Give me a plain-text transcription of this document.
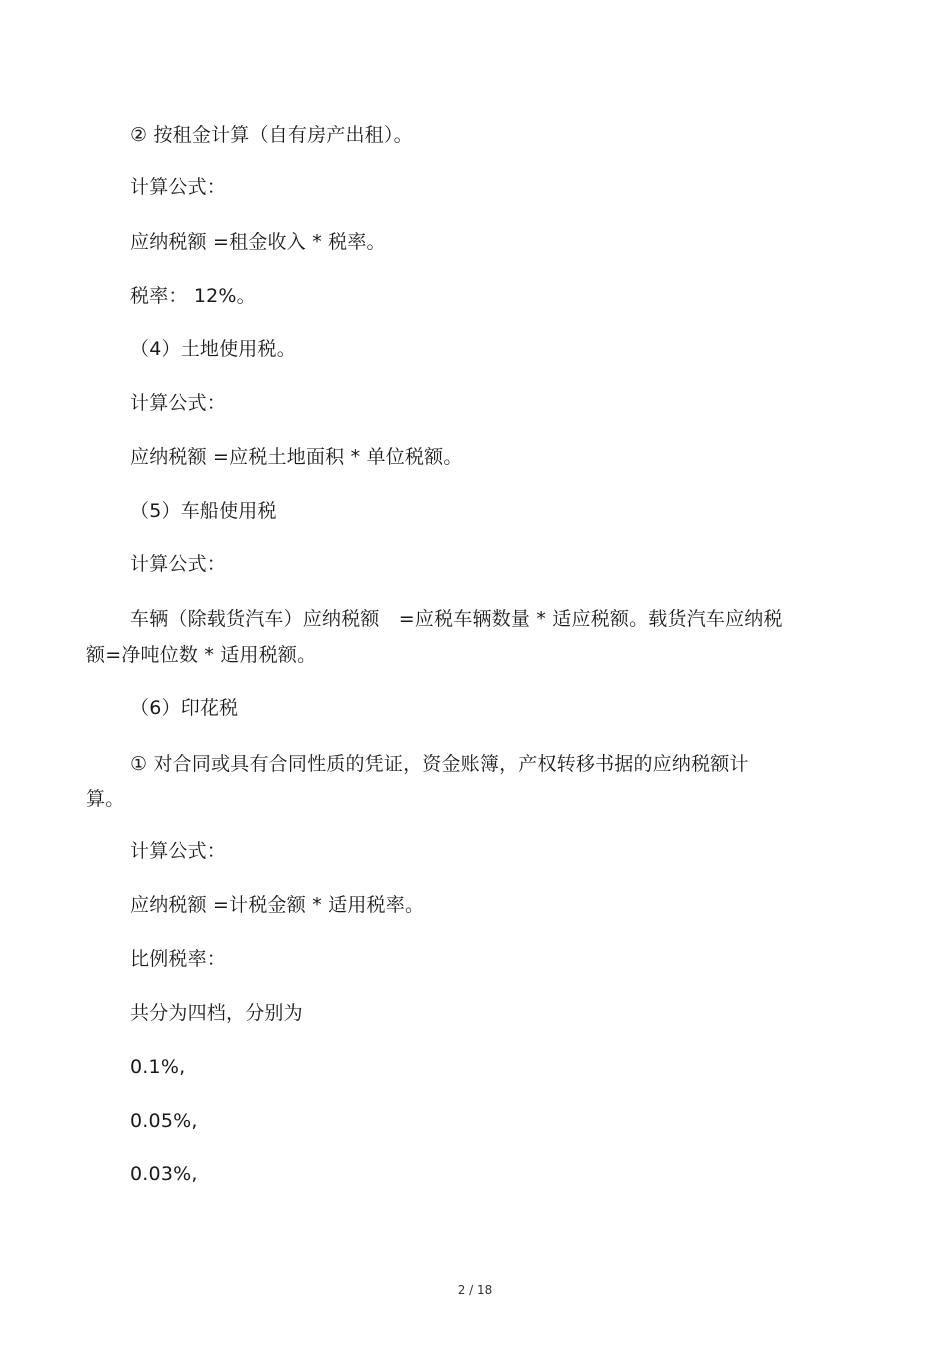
② 按租金计算（自有房产出租）。
计算公式：
应纳税额 =租金收入 * 税率。
税率： 12%。
（4）土地使用税。
计算公式：
应纳税额 =应税土地面积 * 单位税额。
（5）车船使用税
计算公式：
车辆（除载货汽车）应纳税额　=应税车辆数量 * 适应税额。载货汽车应纳税
额=净吨位数 * 适用税额。
（6）印花税
① 对合同或具有合同性质的凭证，资金账簿，产权转移书据的应纳税额计
算。
计算公式：
应纳税额 =计税金额 * 适用税率。
比例税率：
共分为四档，分别为
0.1%,
0.05%,
0.03%,
2 / 18
